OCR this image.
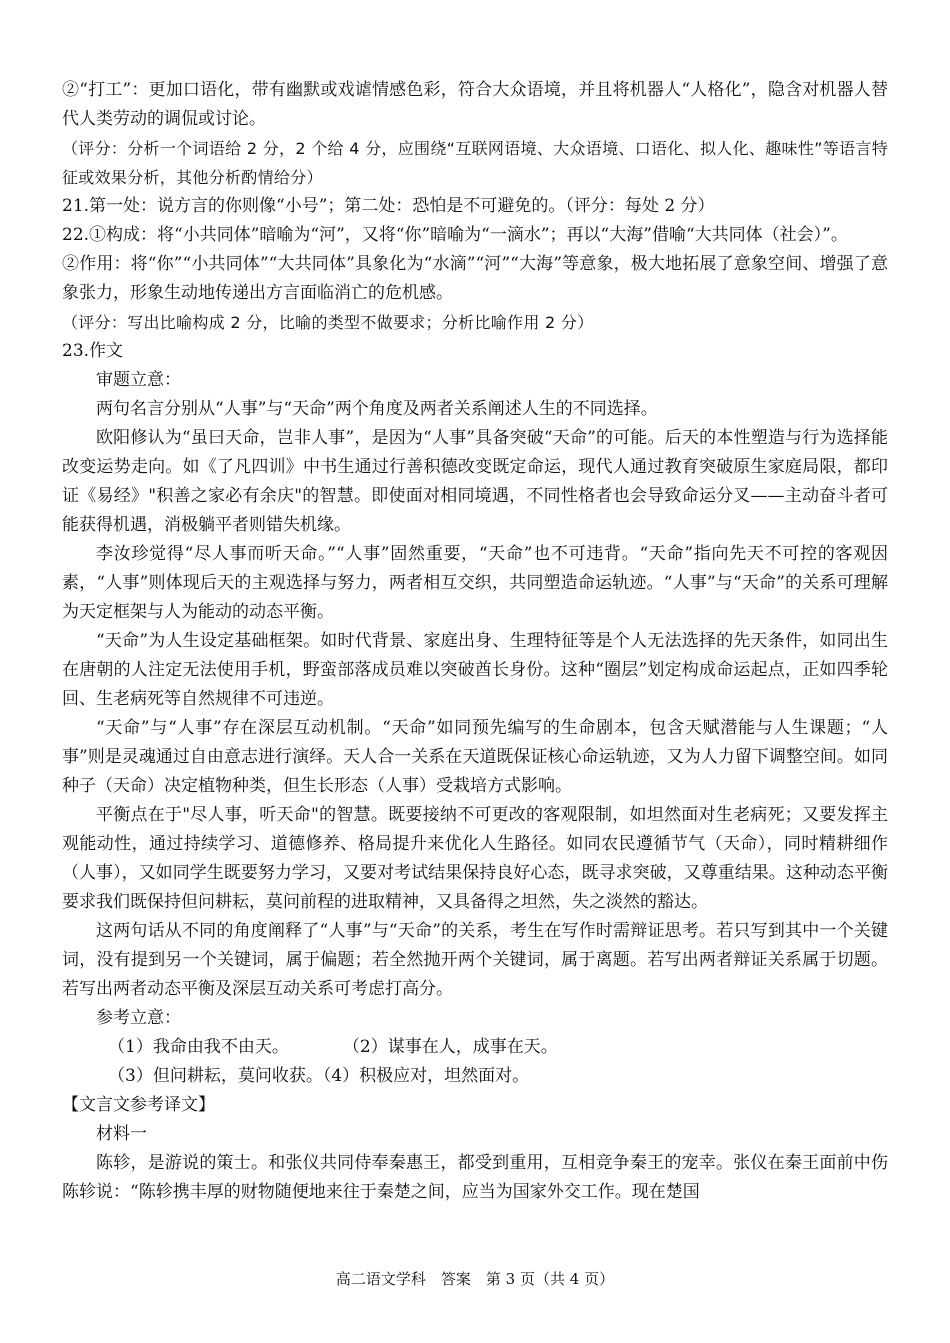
②“打工”：更加口语化，带有幽默或戏谑情感色彩，符合大众语境，并且将机器人“人格化”，隐含对机器人替代人类劳动的调侃或讨论。

（评分：分析一个词语给 2 分，2 个给 4 分，应围绕“互联网语境、大众语境、口语化、拟人化、趣味性”等语言特征或效果分析，其他分析酌情给分）

21.第一处：说方言的你则像“小号”；第二处：恐怕是不可避免的。（评分：每处 2 分）

22.①构成：将“小共同体”暗喻为“河”，又将“你”暗喻为“一滴水”；再以“大海”借喻“大共同体（社会）”。

②作用：将“你”“小共同体”“大共同体”具象化为“水滴”“河”“大海”等意象，极大地拓展了意象空间、增强了意象张力，形象生动地传递出方言面临消亡的危机感。

（评分：写出比喻构成 2 分，比喻的类型不做要求；分析比喻作用 2 分）

23.作文

审题立意：

两句名言分别从“人事”与“天命”两个角度及两者关系阐述人生的不同选择。

欧阳修认为“虽曰天命，岂非人事”，是因为“人事”具备突破“天命”的可能。后天的本性塑造与行为选择能改变运势走向。如《了凡四训》中书生通过行善积德改变既定命运，现代人通过教育突破原生家庭局限，都印证《易经》"积善之家必有余庆"的智慧。即使面对相同境遇，不同性格者也会导致命运分叉——主动奋斗者可能获得机遇，消极躺平者则错失机缘。

李汝珍觉得“尽人事而听天命。”“人事”固然重要，“天命”也不可违背。“天命”指向先天不可控的客观因素，“人事”则体现后天的主观选择与努力，两者相互交织，共同塑造命运轨迹。“人事”与“天命”的关系可理解为天定框架与人为能动的动态平衡。

“天命”为人生设定基础框架。如时代背景、家庭出身、生理特征等是个人无法选择的先天条件，如同出生在唐朝的人注定无法使用手机，野蛮部落成员难以突破酋长身份。这种“圈层”划定构成命运起点，正如四季轮回、生老病死等自然规律不可违逆。

“天命”与“人事”存在深层互动机制。“天命”如同预先编写的生命剧本，包含天赋潜能与人生课题；“人事”则是灵魂通过自由意志进行演绎。天人合一关系在天道既保证核心命运轨迹，又为人力留下调整空间。如同种子（天命）决定植物种类，但生长形态（人事）受栽培方式影响。

平衡点在于"尽人事，听天命"的智慧。既要接纳不可更改的客观限制，如坦然面对生老病死；又要发挥主观能动性，通过持续学习、道德修养、格局提升来优化人生路径。如同农民遵循节气（天命），同时精耕细作（人事），又如同学生既要努力学习，又要对考试结果保持良好心态，既寻求突破，又尊重结果。这种动态平衡要求我们既保持但问耕耘，莫问前程的进取精神，又具备得之坦然，失之淡然的豁达。

这两句话从不同的角度阐释了“人事”与“天命”的关系，考生在写作时需辩证思考。若只写到其中一个关键词，没有提到另一个关键词，属于偏题；若全然抛开两个关键词，属于离题。若写出两者辩证关系属于切题。若写出两者动态平衡及深层互动关系可考虑打高分。

参考立意：

（1）我命由我不由天。	（2）谋事在人，成事在天。

（3）但问耕耘，莫问收获。（4）积极应对，坦然面对。

【文言文参考译文】

材料一

陈轸，是游说的策士。和张仪共同侍奉秦惠王，都受到重用，互相竞争秦王的宠幸。张仪在秦王面前中伤陈轸说：“陈轸携丰厚的财物随便地来往于秦楚之间，应当为国家外交工作。现在楚国

高二语文学科　答案　第 3 页（共 4 页）
